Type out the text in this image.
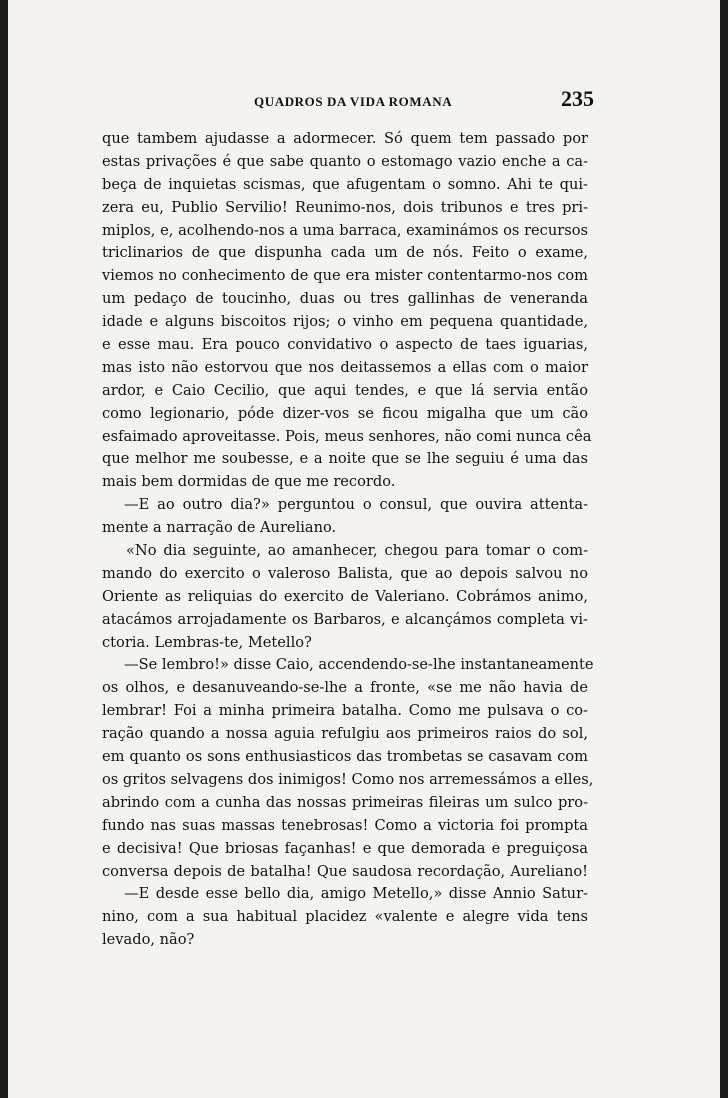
QUADROS DA VIDA ROMANA	235
que tambem ajudasse a adormecer. Só quem tem passado por
estas privações é que sabe quanto o estomago vazio enche a ca-
beça de inquietas scismas, que afugentam o somno. Ahi te qui-
zera eu, Publio Servilio! Reunimo-nos, dois tribunos e tres pri-
miplos, e, acolhendo-nos a uma barraca, examinámos os recursos
triclinarios de que dispunha cada um de nós. Feito o exame,
viemos no conhecimento de que era mister contentarmo-nos com
um pedaço de toucinho, duas ou tres gallinhas de veneranda
idade e alguns biscoitos rijos; o vinho em pequena quantidade,
e esse mau. Era pouco convidativo o aspecto de taes iguarias,
mas isto não estorvou que nos deitassemos a ellas com o maior
ardor, e Caio Cecilio, que aqui tendes, e que lá servia então
como legionario, póde dizer-vos se ficou migalha que um cão
esfaimado aproveitasse. Pois, meus senhores, não comi nunca cêa
que melhor me soubesse, e a noite que se lhe seguiu é uma das
mais bem dormidas de que me recordo.
—E ao outro dia?» perguntou o consul, que ouvira attenta-
mente a narração de Aureliano.
«No dia seguinte, ao amanhecer, chegou para tomar o com-
mando do exercito o valeroso Balista, que ao depois salvou no
Oriente as reliquias do exercito de Valeriano. Cobrámos animo,
atacámos arrojadamente os Barbaros, e alcançámos completa vi-
ctoria. Lembras-te, Metello?
—Se lembro!» disse Caio, accendendo-se-lhe instantaneamente
os olhos, e desanuveando-se-lhe a fronte, «se me não havia de
lembrar! Foi a minha primeira batalha. Como me pulsava o co-
ração quando a nossa aguia refulgiu aos primeiros raios do sol,
em quanto os sons enthusiasticos das trombetas se casavam com
os gritos selvagens dos inimigos! Como nos arremessámos a elles,
abrindo com a cunha das nossas primeiras fileiras um sulco pro-
fundo nas suas massas tenebrosas! Como a victoria foi prompta
e decisiva! Que briosas façanhas! e que demorada e preguiçosa
conversa depois de batalha! Que saudosa recordação, Aureliano!
—E desde esse bello dia, amigo Metello,» disse Annio Satur-
nino, com a sua habitual placidez «valente e alegre vida tens
levado, não?
